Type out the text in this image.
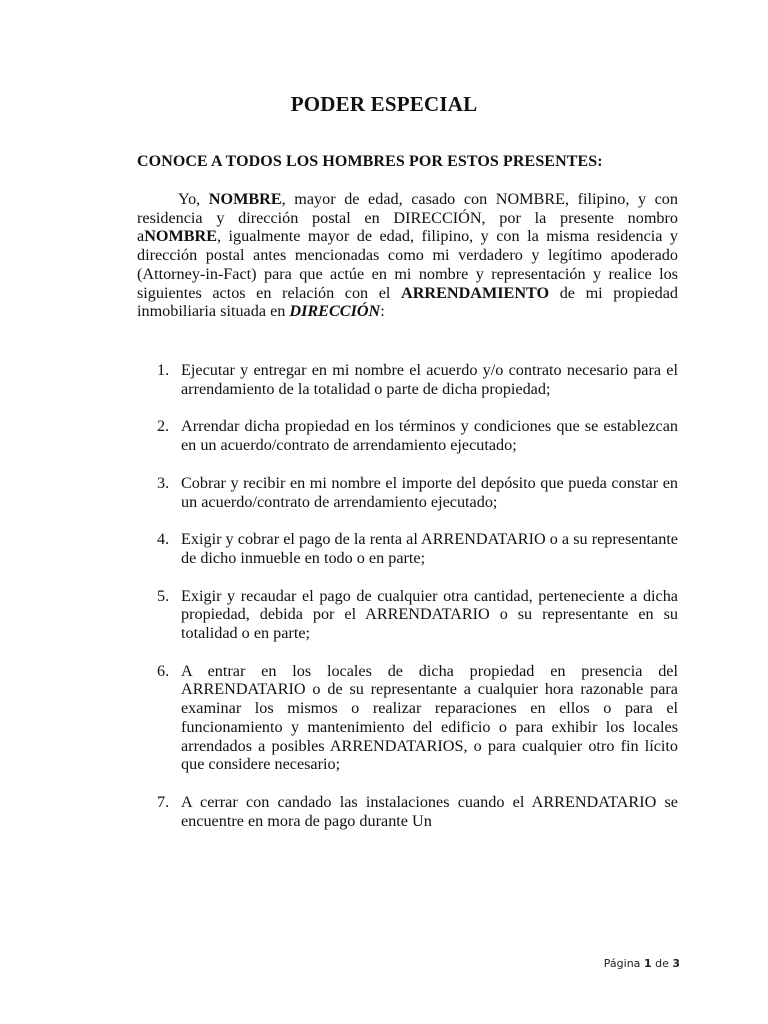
PODER ESPECIAL
CONOCE A TODOS LOS HOMBRES POR ESTOS PRESENTES:

Yo, NOMBRE, mayor de edad, casado con NOMBRE, filipino, y con residencia y dirección postal en DIRECCIÓN, por la presente nombro aNOMBRE, igualmente mayor de edad, filipino, y con la misma residencia y dirección postal antes mencionadas como mi verdadero y legítimo apoderado (Attorney-in-Fact) para que actúe en mi nombre y representación y realice los siguientes actos en relación con el ARRENDAMIENTO de mi propiedad inmobiliaria situada en DIRECCIÓN:

1. Ejecutar y entregar en mi nombre el acuerdo y/o contrato necesario para el arrendamiento de la totalidad o parte de dicha propiedad;
2. Arrendar dicha propiedad en los términos y condiciones que se establezcan en un acuerdo/contrato de arrendamiento ejecutado;
3. Cobrar y recibir en mi nombre el importe del depósito que pueda constar en un acuerdo/contrato de arrendamiento ejecutado;
4. Exigir y cobrar el pago de la renta al ARRENDATARIO o a su representante de dicho inmueble en todo o en parte;
5. Exigir y recaudar el pago de cualquier otra cantidad, perteneciente a dicha propiedad, debida por el ARRENDATARIO o su representante en su totalidad o en parte;
6. A entrar en los locales de dicha propiedad en presencia del ARRENDATARIO o de su representante a cualquier hora razonable para examinar los mismos o realizar reparaciones en ellos o para el funcionamiento y mantenimiento del edificio o para exhibir los locales arrendados a posibles ARRENDATARIOS, o para cualquier otro fin lícito que considere necesario;
7. A cerrar con candado las instalaciones cuando el ARRENDATARIO se encuentre en mora de pago durante Un
Página 1 de 3
